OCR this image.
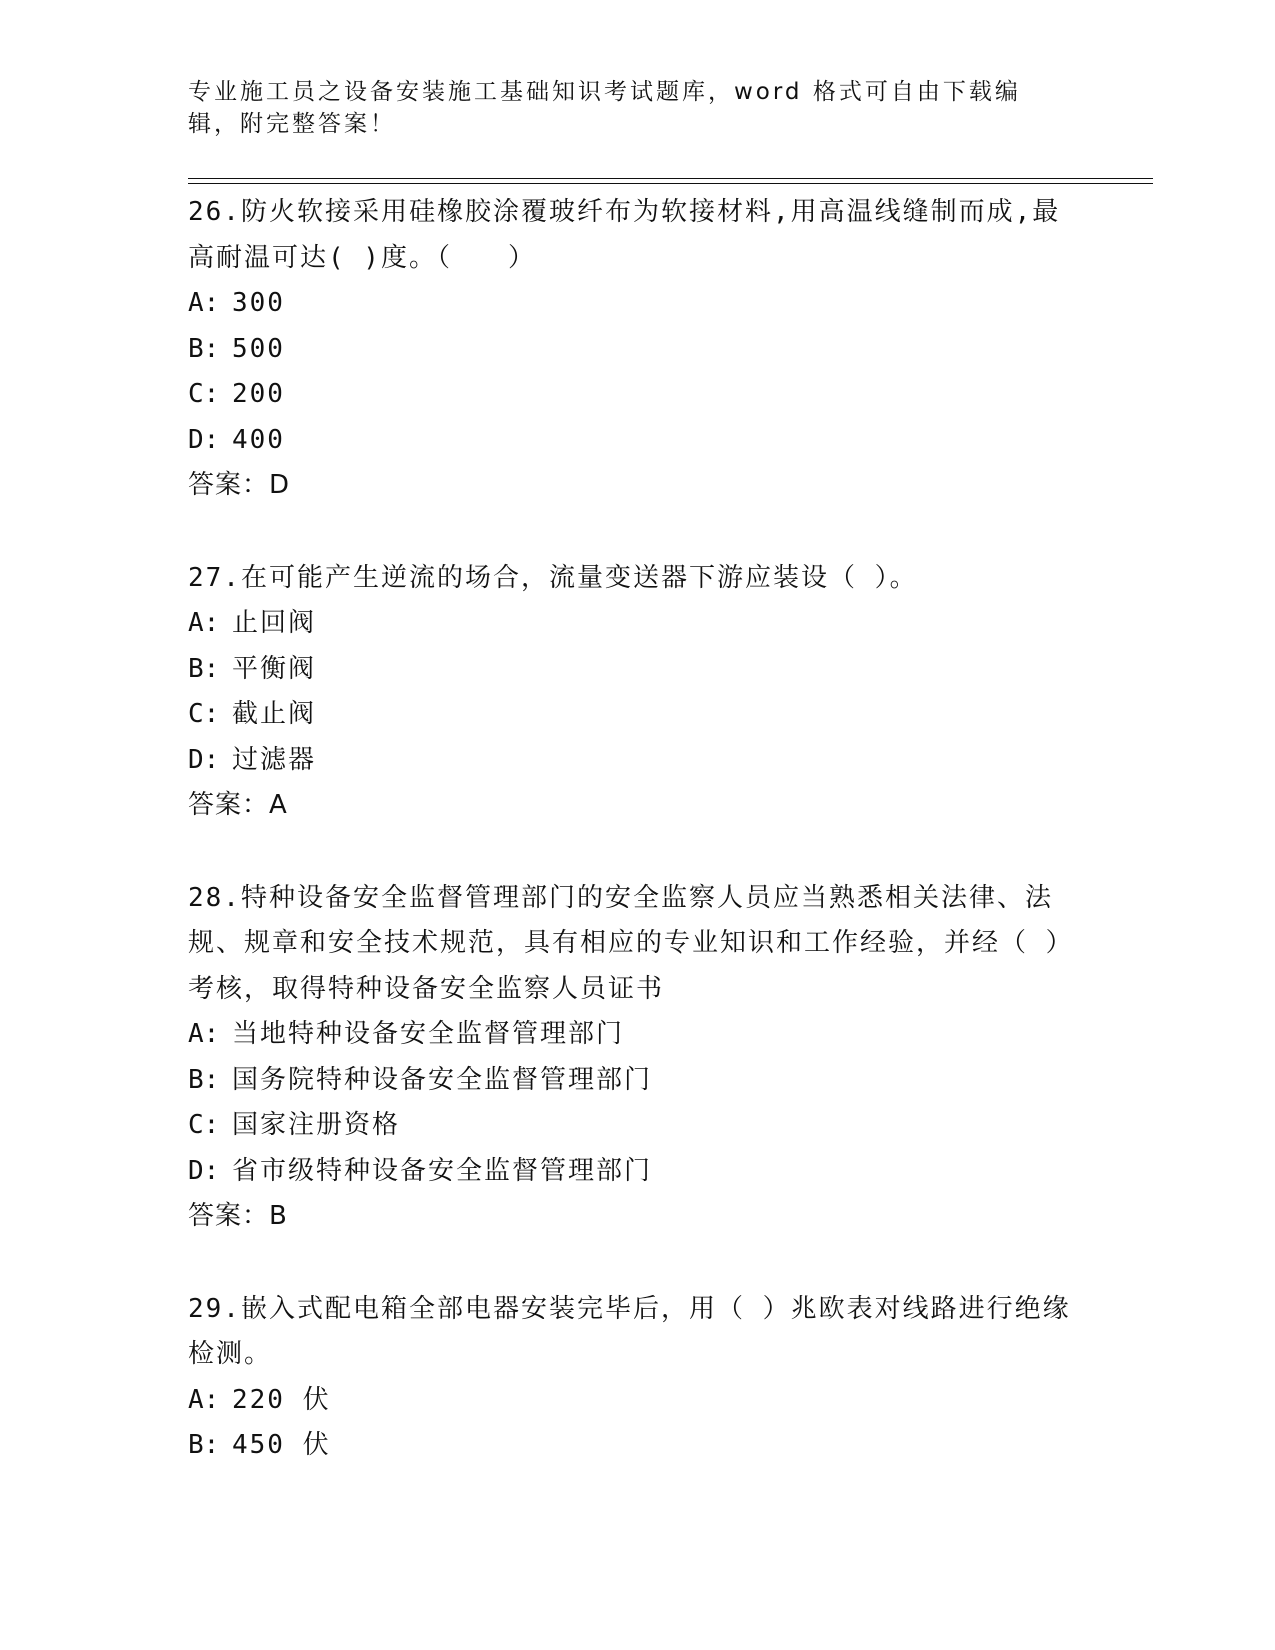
专业施工员之设备安装施工基础知识考试题库，word 格式可自由下载编辑，附完整答案！
26.防火软接采用硅橡胶涂覆玻纤布为软接材料,用高温线缝制而成,最高耐温可达( )度。（　　）
A: 300
B: 500
C: 200
D: 400
答案：D
27.在可能产生逆流的场合，流量变送器下游应装设（ ）。
A: 止回阀
B: 平衡阀
C: 截止阀
D: 过滤器
答案：A
28.特种设备安全监督管理部门的安全监察人员应当熟悉相关法律、法规、规章和安全技术规范，具有相应的专业知识和工作经验，并经（ ）考核，取得特种设备安全监察人员证书
A: 当地特种设备安全监督管理部门
B: 国务院特种设备安全监督管理部门
C: 国家注册资格
D: 省市级特种设备安全监督管理部门
答案：B
29.嵌入式配电箱全部电器安装完毕后，用（ ）兆欧表对线路进行绝缘检测。
A: 220 伏
B: 450 伏
